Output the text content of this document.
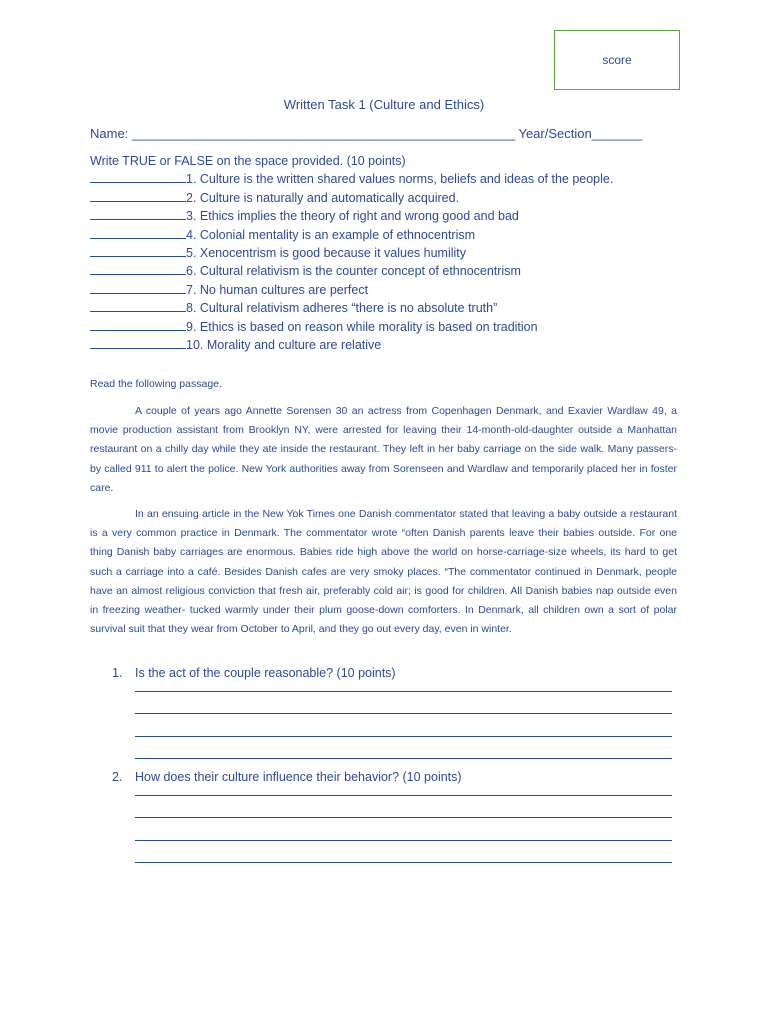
score
Written Task 1 (Culture and Ethics)
Name: _____________________________________________________ Year/Section_______
Write TRUE or FALSE on the space provided. (10 points)
1. Culture is the written shared values norms, beliefs and ideas of the people.
2. Culture is naturally and automatically acquired.
3. Ethics implies the theory of right and wrong good and bad
4. Colonial mentality is an example of ethnocentrism
5. Xenocentrism is good because it values humility
6. Cultural relativism is the counter concept of ethnocentrism
7. No human cultures are perfect
8. Cultural relativism adheres “there is no absolute truth”
9. Ethics is based on reason while morality is based on tradition
10. Morality and culture are relative
Read the following passage.

A couple of years ago Annette Sorensen 30 an actress from Copenhagen Denmark, and Exavier Wardlaw 49, a movie production assistant from Brooklyn NY, were arrested for leaving their 14-month-old-daughter outside a Manhattan restaurant on a chilly day while they ate inside the restaurant. They left in her baby carriage on the side walk. Many passers-by called 911 to alert the police. New York authorities away from Sorenseen and Wardlaw and temporarily placed her in foster care.

In an ensuing article in the New Yok Times one Danish commentator stated that leaving a baby outside a restaurant is a very common practice in Denmark. The commentator wrote “often Danish parents leave their babies outside. For one thing Danish baby carriages are enormous. Babies ride high above the world on horse-carriage-size wheels, its hard to get such a carriage into a café. Besides Danish cafes are very smoky places. “The commentator continued in Denmark, people have an almost religious conviction that fresh air, preferably cold air; is good for children. All Danish babies nap outside even in freezing weather- tucked warmly under their plum goose-down comforters. In Denmark, all children own a sort of polar survival suit that they wear from October to April, and they go out every day, even in winter.

1. Is the act of the couple reasonable? (10 points)
2. How does their culture influence their behavior? (10 points)
